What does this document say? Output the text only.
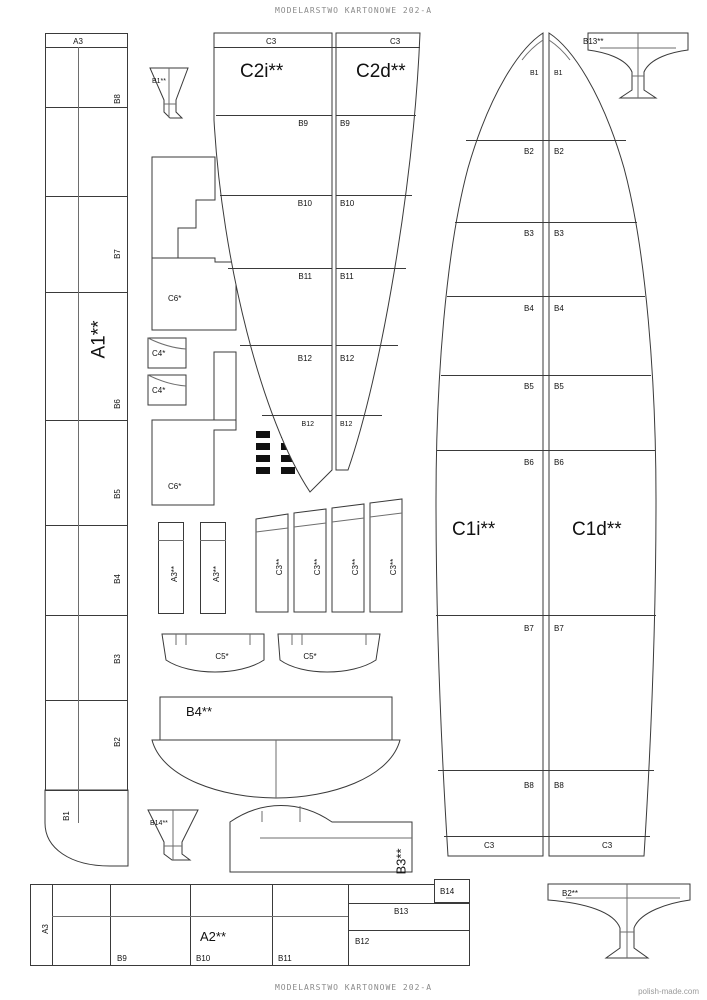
MODELARSTWO KARTONOWE 202-A
MODELARSTWO KARTONOWE 202-A	polish-made.com
A3
A1**
B8
B7
B6
B5
B4
B3
B2
B1
B1**
C6*
C4*
C4*
C6*
A3**	A3**	C3**	C3**	C3**	C3**
C5*	C5*
B4**
B14**
B3**
C3	C3
C2i**	C2d**
B9
B10
B11
B12
B12
B9
B10
B11
B12
B12
B1 B1
B2
B3
B4
B5
B6
B7
B8
C3
B2
B3
B4
B5
B6
B7
B8
C3
C1i**	C1d**
B13**
B2**
A3	A2**
B9	B10	B11
B12
B14
B13
